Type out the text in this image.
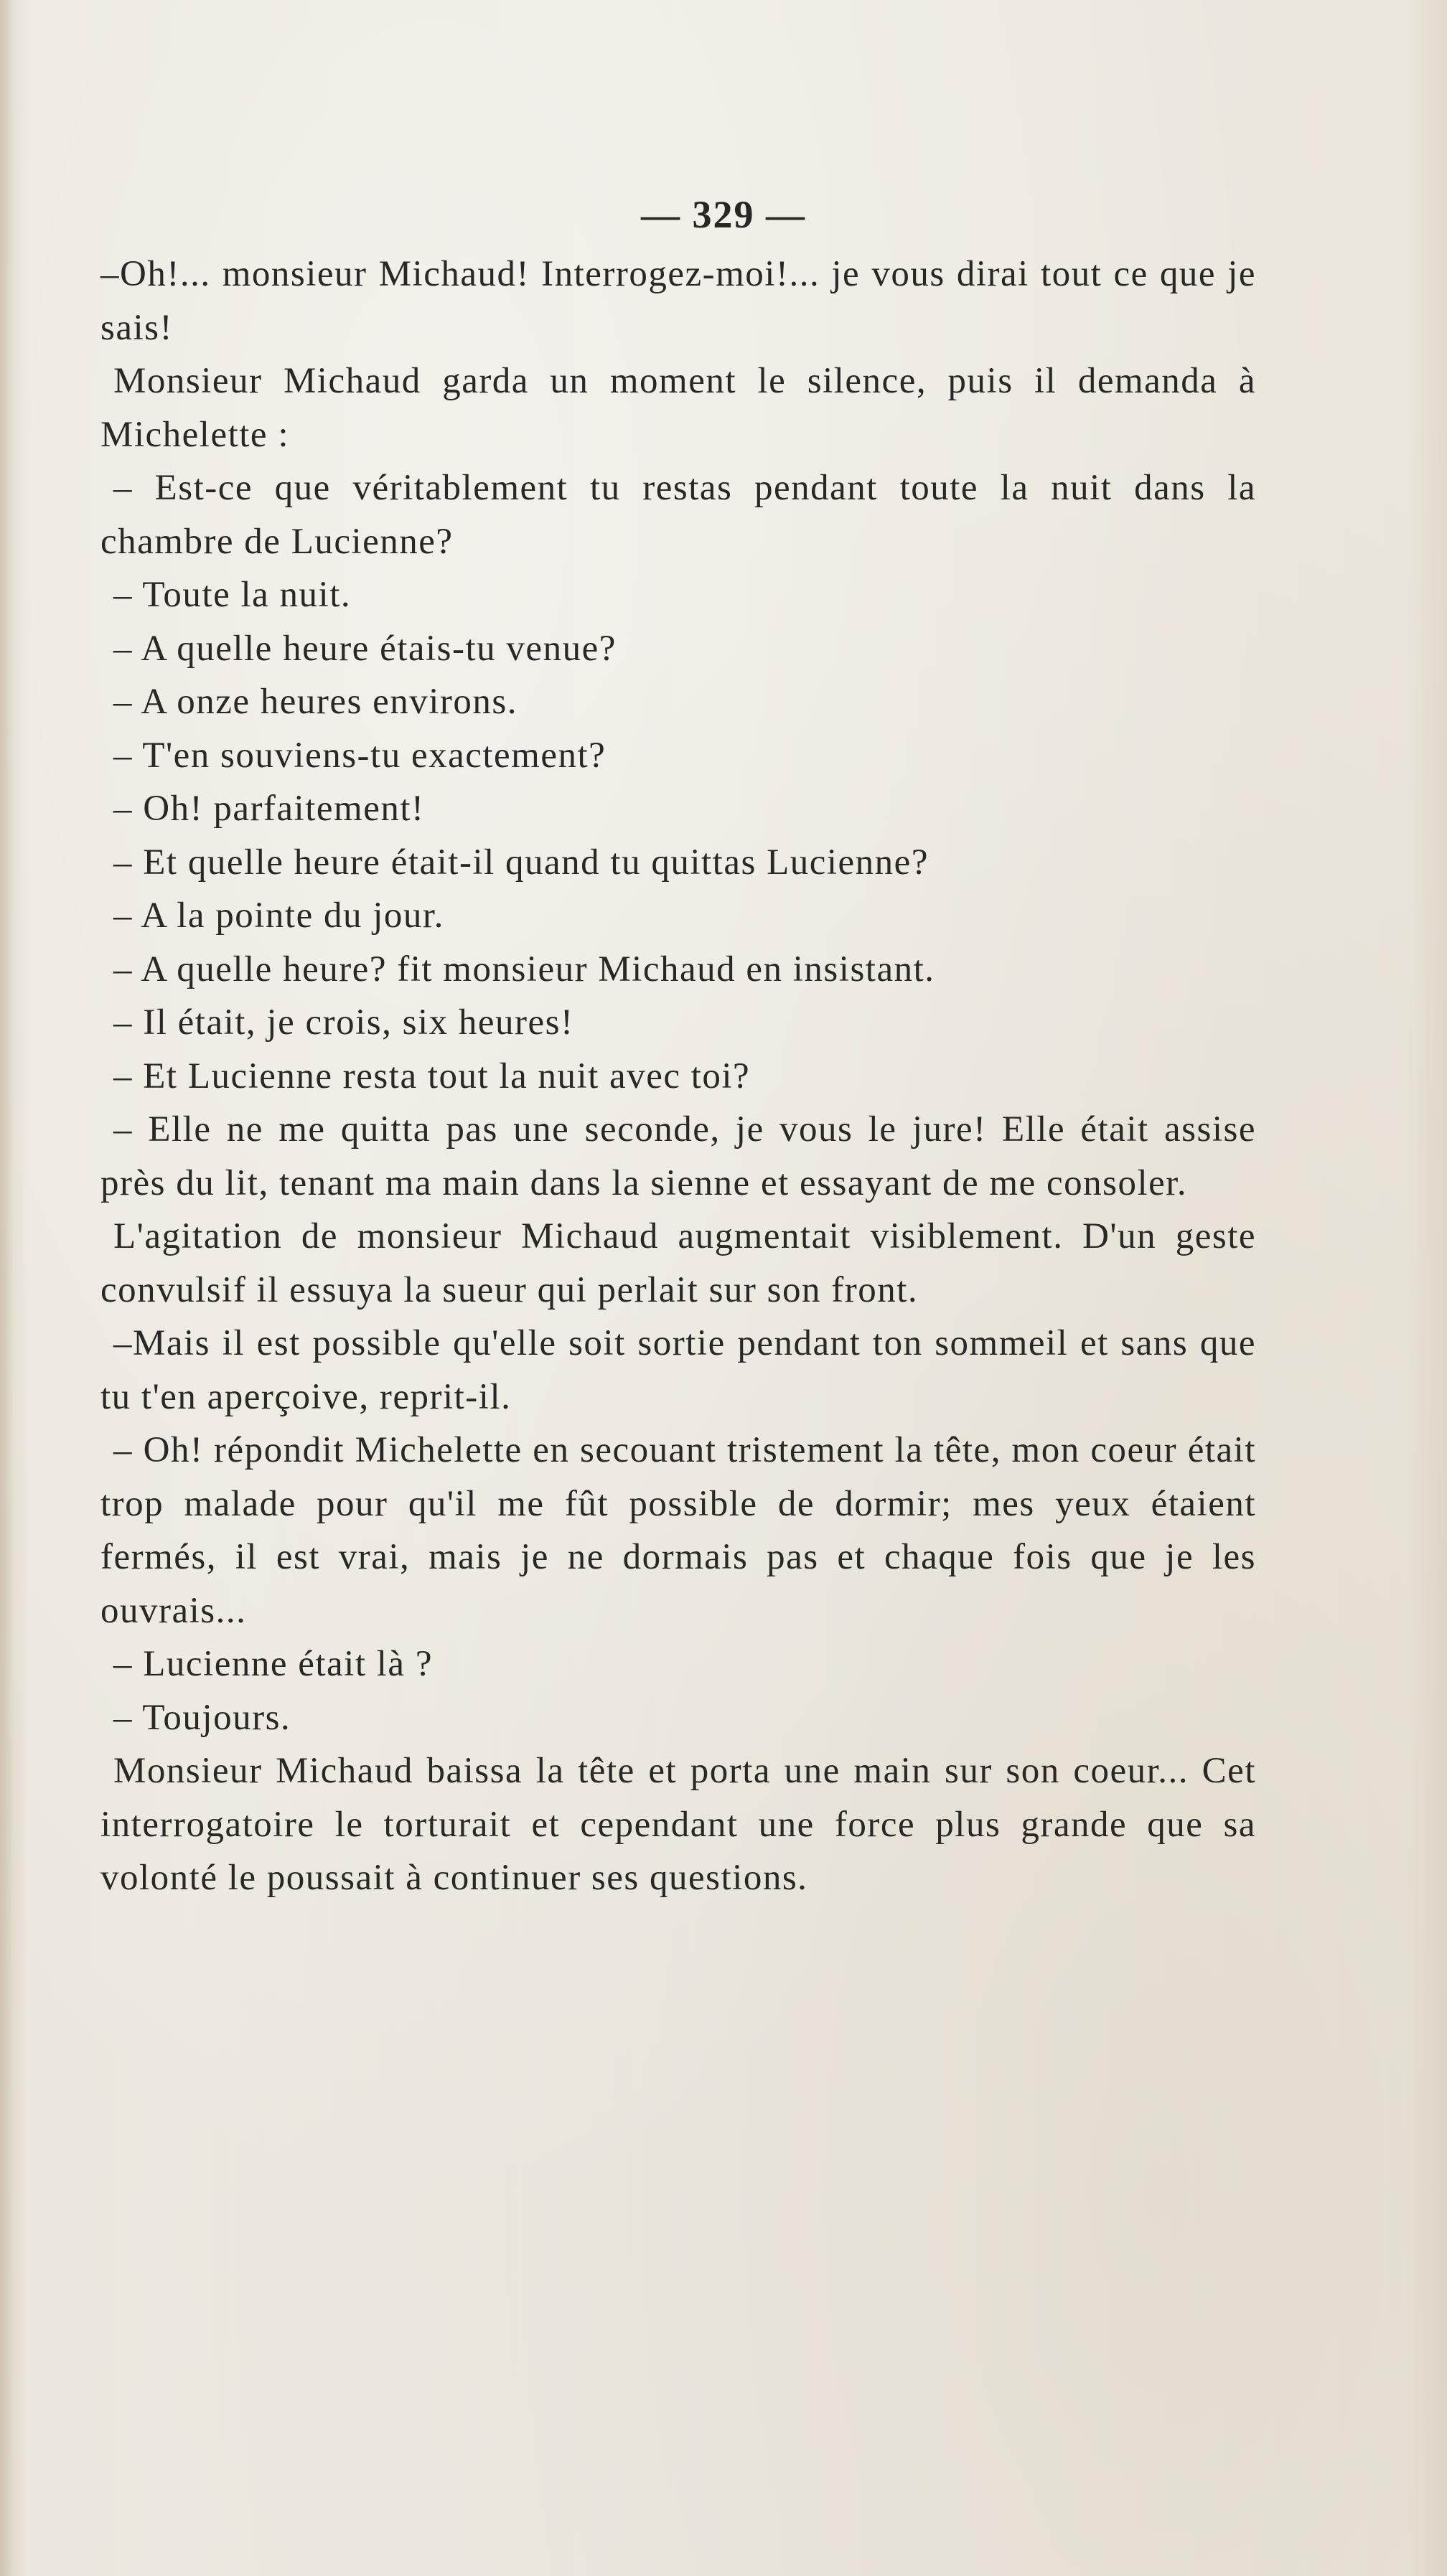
— 329 —

–Oh!... monsieur Michaud! Interrogez-moi!... je vous dirai tout ce que je sais!

Monsieur Michaud garda un moment le silence, puis il demanda à Michelette :

– Est-ce que véritablement tu restas pendant toute la nuit dans la chambre de Lucienne?

– Toute la nuit.

– A quelle heure étais-tu venue?

– A onze heures environs.

– T'en souviens-tu exactement?

– Oh! parfaitement!

– Et quelle heure était-il quand tu quittas Lucienne?

– A la pointe du jour.

– A quelle heure? fit monsieur Michaud en insistant.

– Il était, je crois, six heures!

– Et Lucienne resta tout la nuit avec toi?

– Elle ne me quitta pas une seconde, je vous le jure! Elle était assise près du lit, tenant ma main dans la sienne et essayant de me consoler.

L'agitation de monsieur Michaud augmentait visiblement. D'un geste convulsif il essuya la sueur qui perlait sur son front.

–Mais il est possible qu'elle soit sortie pendant ton sommeil et sans que tu t'en aperçoive, reprit-il.

– Oh! répondit Michelette en secouant tristement la tête, mon coeur était trop malade pour qu'il me fût possible de dormir; mes yeux étaient fermés, il est vrai, mais je ne dormais pas et chaque fois que je les ouvrais...

– Lucienne était là ?

– Toujours.

Monsieur Michaud baissa la tête et porta une main sur son coeur... Cet interrogatoire le torturait et cependant une force plus grande que sa volonté le poussait à continuer ses questions.
